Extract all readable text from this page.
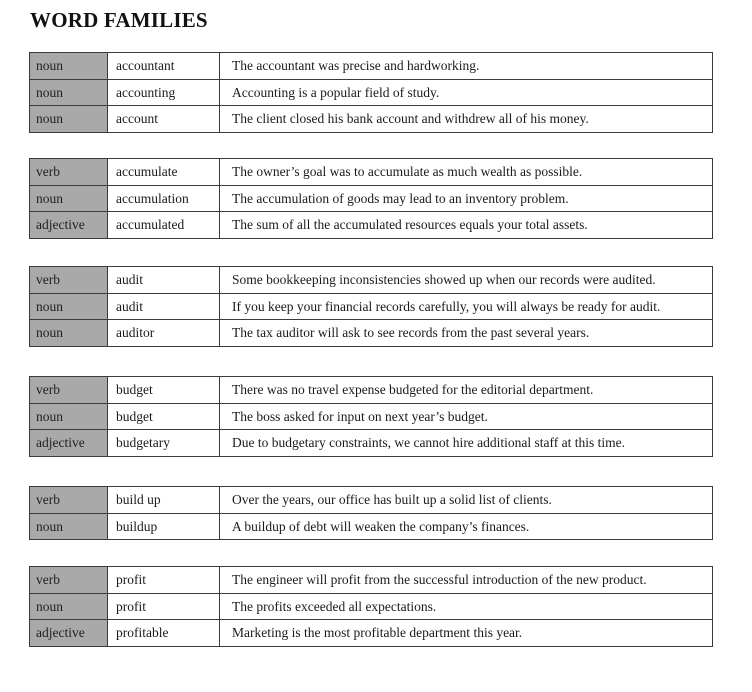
WORD FAMILIES
noun	accountant	The accountant was precise and hardworking.
noun	accounting	Accounting is a popular field of study.
noun	account	The client closed his bank account and withdrew all of his money.
verb	accumulate	The owner’s goal was to accumulate as much wealth as possible.
noun	accumulation	The accumulation of goods may lead to an inventory problem.
adjective	accumulated	The sum of all the accumulated resources equals your total assets.
verb	audit	Some bookkeeping inconsistencies showed up when our records were audited.
noun	audit	If you keep your financial records carefully, you will always be ready for audit.
noun	auditor	The tax auditor will ask to see records from the past several years.
verb	budget	There was no travel expense budgeted for the editorial department.
noun	budget	The boss asked for input on next year’s budget.
adjective	budgetary	Due to budgetary constraints, we cannot hire additional staff at this time.
verb	build up	Over the years, our office has built up a solid list of clients.
noun	buildup	A buildup of debt will weaken the company’s finances.
verb	profit	The engineer will profit from the successful introduction of the new product.
noun	profit	The profits exceeded all expectations.
adjective	profitable	Marketing is the most profitable department this year.
